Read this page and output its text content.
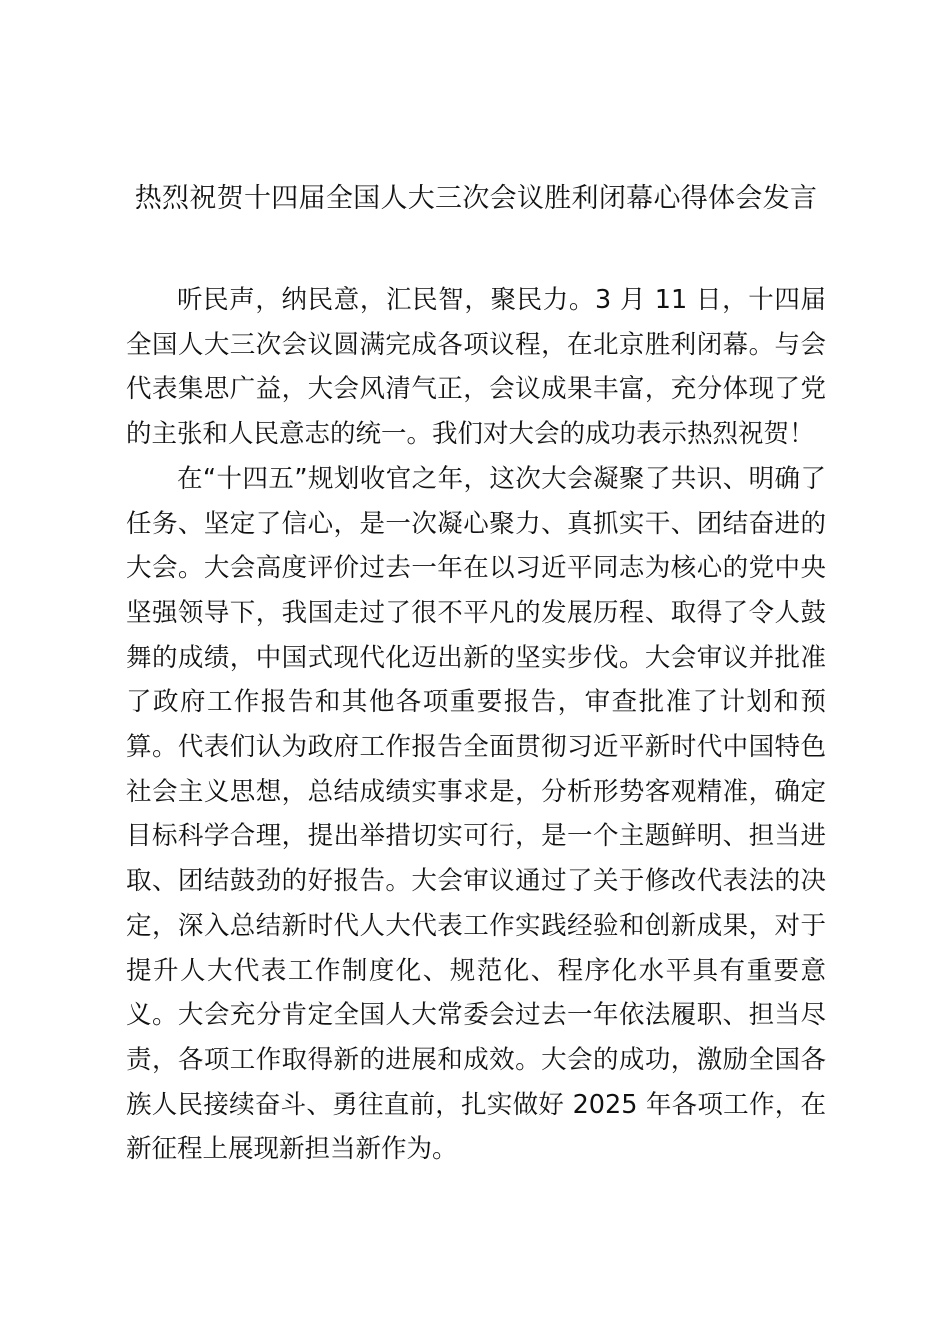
热烈祝贺十四届全国人大三次会议胜利闭幕心得体会发言

听民声，纳民意，汇民智，聚民力。3 月 11 日，十四届全国人大三次会议圆满完成各项议程，在北京胜利闭幕。与会代表集思广益，大会风清气正，会议成果丰富，充分体现了党的主张和人民意志的统一。我们对大会的成功表示热烈祝贺！

在“十四五”规划收官之年，这次大会凝聚了共识、明确了任务、坚定了信心，是一次凝心聚力、真抓实干、团结奋进的大会。大会高度评价过去一年在以习近平同志为核心的党中央坚强领导下，我国走过了很不平凡的发展历程、取得了令人鼓舞的成绩，中国式现代化迈出新的坚实步伐。大会审议并批准了政府工作报告和其他各项重要报告，审查批准了计划和预算。代表们认为政府工作报告全面贯彻习近平新时代中国特色社会主义思想，总结成绩实事求是，分析形势客观精准，确定目标科学合理，提出举措切实可行，是一个主题鲜明、担当进取、团结鼓劲的好报告。大会审议通过了关于修改代表法的决定，深入总结新时代人大代表工作实践经验和创新成果，对于提升人大代表工作制度化、规范化、程序化水平具有重要意义。大会充分肯定全国人大常委会过去一年依法履职、担当尽责，各项工作取得新的进展和成效。大会的成功，激励全国各族人民接续奋斗、勇往直前，扎实做好 2025 年各项工作，在新征程上展现新担当新作为。
